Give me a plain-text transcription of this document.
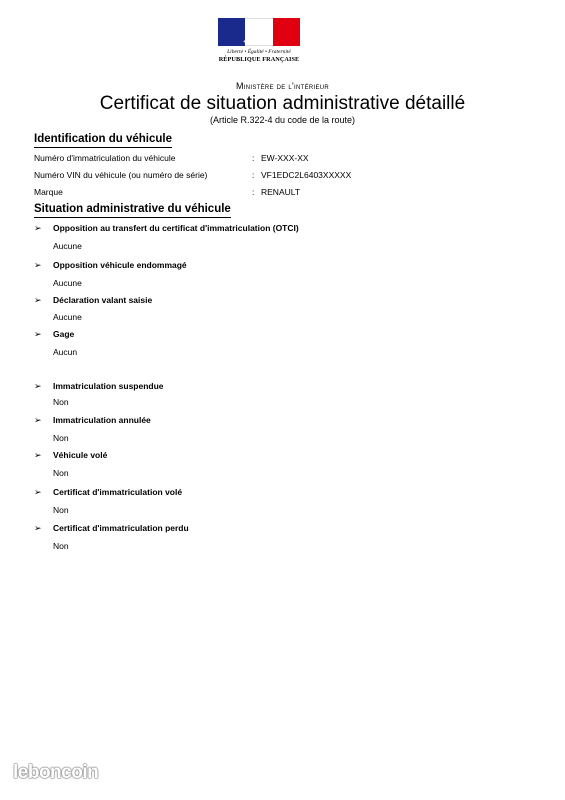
Liberté • Égalité • Fraternité
RÉPUBLIQUE FRANÇAISE
Ministère de l'intérieur
Certificat de situation administrative détaillé
(Article R.322-4 du code de la route)
Identification du véhicule
Numéro d'immatriculation du véhicule	: EW-XXX-XX
Numéro VIN du véhicule (ou numéro de série)	: VF1EDC2L6403XXXXX
Marque	: RENAULT
Situation administrative du véhicule
➢ Opposition au transfert du certificat d'immatriculation (OTCI)
Aucune
➢ Opposition véhicule endommagé
Aucune
➢ Déclaration valant saisie
Aucune
➢ Gage
Aucun
➢ Immatriculation suspendue
Non
➢ Immatriculation annulée
Non
➢ Véhicule volé
Non
➢ Certificat d'immatriculation volé
Non
➢ Certificat d'immatriculation perdu
Non
leboncoin
